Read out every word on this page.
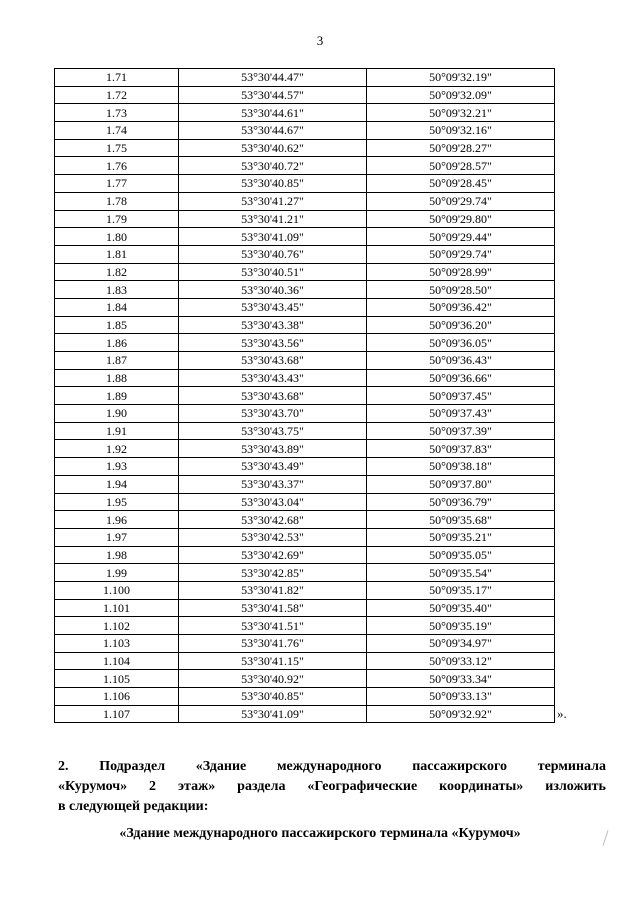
3
1.71	53°30'44.47"	50°09'32.19"
1.72	53°30'44.57"	50°09'32.09"
1.73	53°30'44.61"	50°09'32.21"
1.74	53°30'44.67"	50°09'32.16"
1.75	53°30'40.62"	50°09'28.27"
1.76	53°30'40.72"	50°09'28.57"
1.77	53°30'40.85"	50°09'28.45"
1.78	53°30'41.27"	50°09'29.74"
1.79	53°30'41.21"	50°09'29.80"
1.80	53°30'41.09"	50°09'29.44"
1.81	53°30'40.76"	50°09'29.74"
1.82	53°30'40.51"	50°09'28.99"
1.83	53°30'40.36"	50°09'28.50"
1.84	53°30'43.45"	50°09'36.42"
1.85	53°30'43.38"	50°09'36.20"
1.86	53°30'43.56"	50°09'36.05"
1.87	53°30'43.68"	50°09'36.43"
1.88	53°30'43.43"	50°09'36.66"
1.89	53°30'43.68"	50°09'37.45"
1.90	53°30'43.70"	50°09'37.43"
1.91	53°30'43.75"	50°09'37.39"
1.92	53°30'43.89"	50°09'37.83"
1.93	53°30'43.49"	50°09'38.18"
1.94	53°30'43.37"	50°09'37.80"
1.95	53°30'43.04"	50°09'36.79"
1.96	53°30'42.68"	50°09'35.68"
1.97	53°30'42.53"	50°09'35.21"
1.98	53°30'42.69"	50°09'35.05"
1.99	53°30'42.85"	50°09'35.54"
1.100	53°30'41.82"	50°09'35.17"
1.101	53°30'41.58"	50°09'35.40"
1.102	53°30'41.51"	50°09'35.19"
1.103	53°30'41.76"	50°09'34.97"
1.104	53°30'41.15"	50°09'33.12"
1.105	53°30'40.92"	50°09'33.34"
1.106	53°30'40.85"	50°09'33.13"
1.107	53°30'41.09"	50°09'32.92"	».
2. Подраздел «Здание международного пассажирского терминала
«Курумоч» 2 этаж» раздела «Географические координаты» изложить
в следующей редакции:
«Здание международного пассажирского терминала «Курумоч»
